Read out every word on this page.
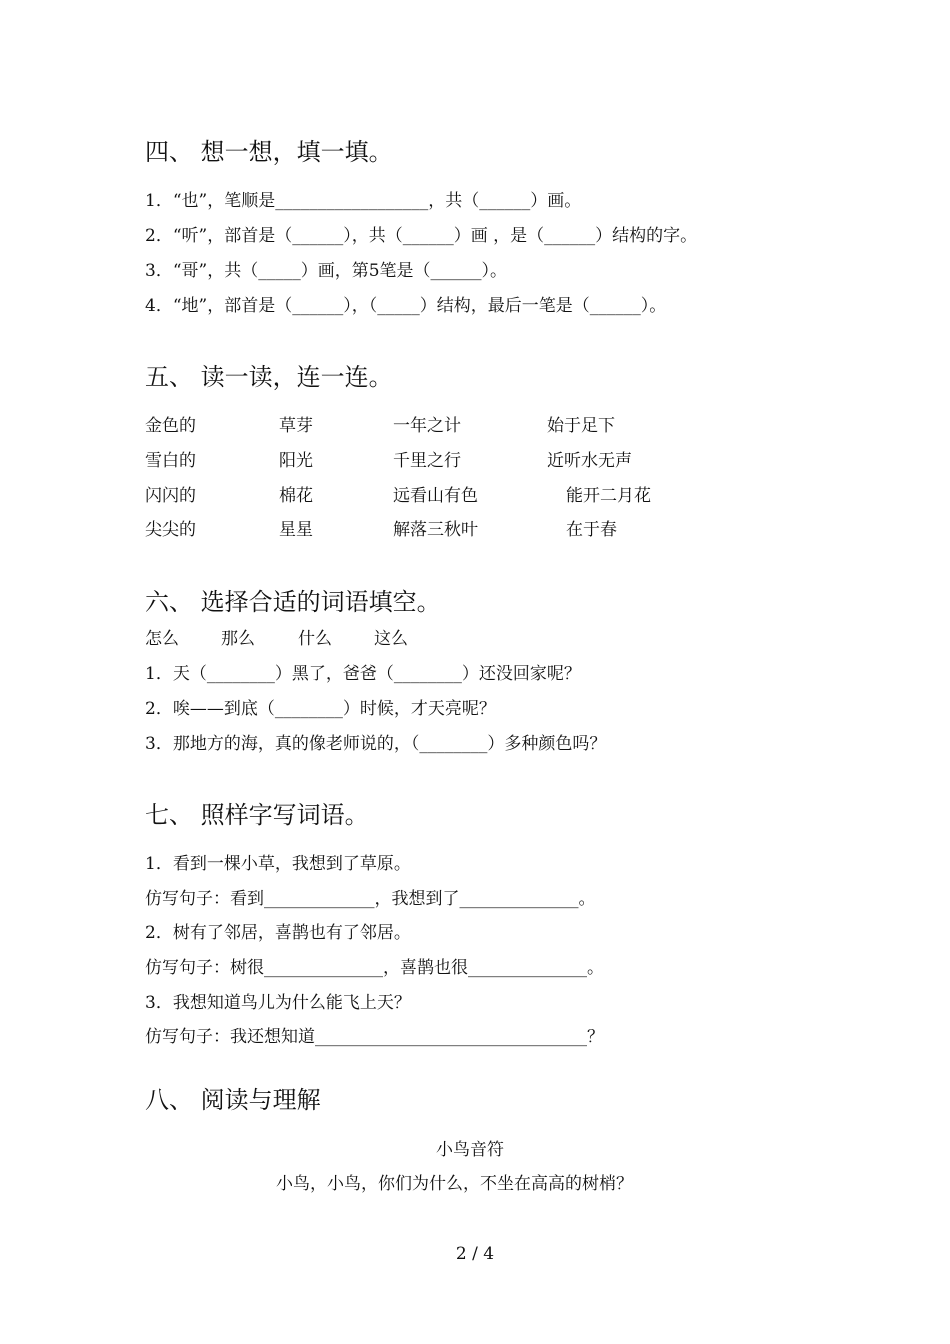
四、 想一想，填一填。
1．“也”，笔顺是__________________，共（______）画。
2．“听”，部首是（______），共（______）画 ，是（______）结构的字。
3．“哥”，共（_____）画，第5笔是（______）。
4．“地”，部首是（______），（_____）结构，最后一笔是（______）。
五、 读一读，连一连。
金色的
雪白的
闪闪的
尖尖的
草芽
阳光
棉花
星星
一年之计
千里之行
远看山有色
解落三秋叶
始于足下
近听水无声
能开二月花
在于春
六、 选择合适的词语填空。
怎么 那么	什么 这么
1．天（________）黑了，爸爸（________）还没回家呢？
2．唉——到底（________）时候，才天亮呢？
3．那地方的海，真的像老师说的，（________）多种颜色吗？
七、 照样字写词语。
1．看到一棵小草，我想到了草原。
仿写句子：看到_____________，我想到了______________。
2．树有了邻居，喜鹊也有了邻居。
仿写句子：树很______________，喜鹊也很______________。
3．我想知道鸟儿为什么能飞上天？
仿写句子：我还想知道________________________________？
八、 阅读与理解
小鸟音符
小鸟，小鸟，你们为什么，不坐在高高的树梢？
2 / 4
